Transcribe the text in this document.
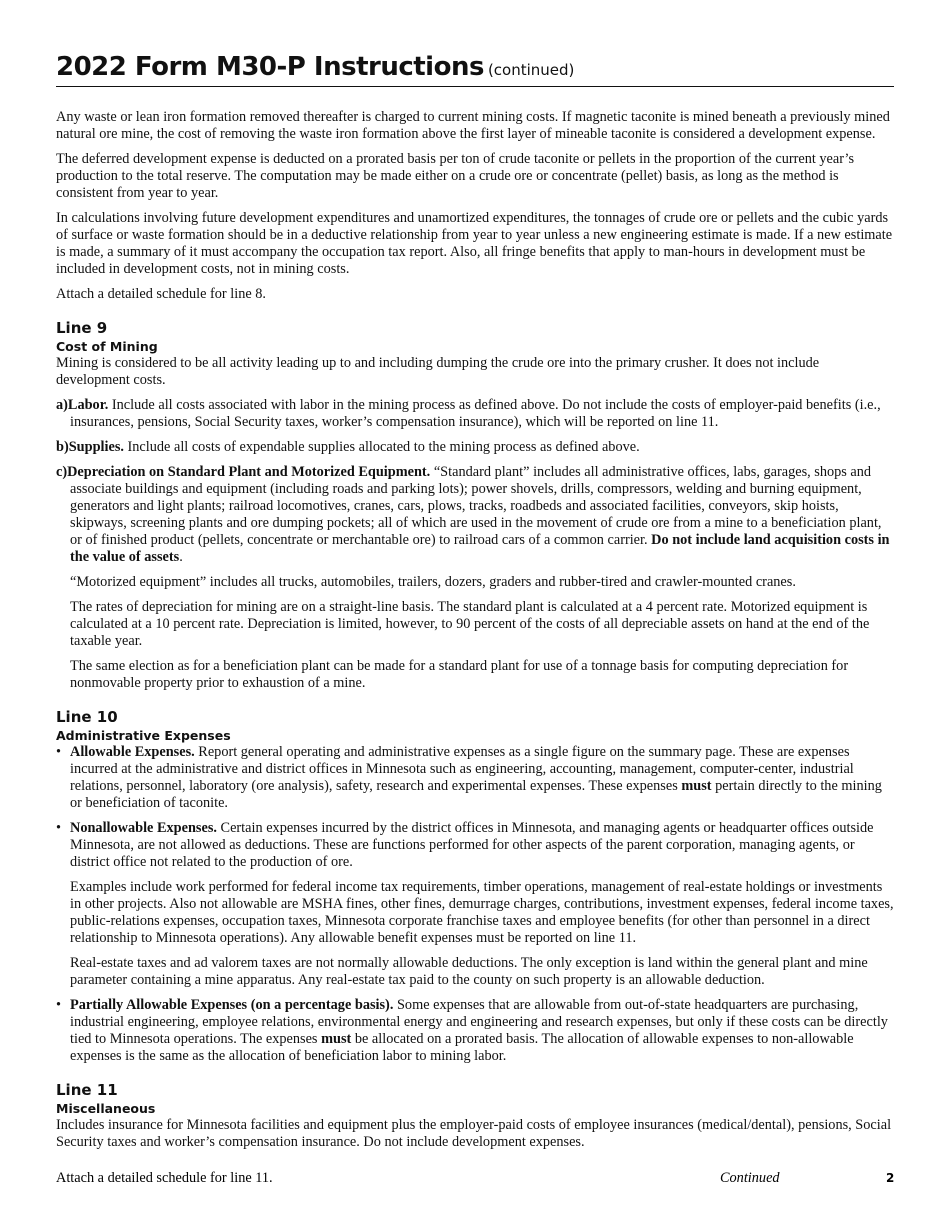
2022 Form M30-P Instructions (continued)

Any waste or lean iron formation removed thereafter is charged to current mining costs. If magnetic taconite is mined beneath a previously mined natural ore mine, the cost of removing the waste iron formation above the first layer of mineable taconite is considered a development expense.

The deferred development expense is deducted on a prorated basis per ton of crude taconite or pellets in the proportion of the current year’s production to the total reserve. The computation may be made either on a crude ore or concentrate (pellet) basis, as long as the method is consistent from year to year.

In calculations involving future development expenditures and unamortized expenditures, the tonnages of crude ore or pellets and the cubic yards of surface or waste formation should be in a deductive relationship from year to year unless a new engineering estimate is made. If a new estimate is made, a summary of it must accompany the occupation tax report. Also, all fringe benefits that apply to man-hours in development must be included in development costs, not in mining costs.

Attach a detailed schedule for line 8.

Line 9
Cost of Mining

Mining is considered to be all activity leading up to and including dumping the crude ore into the primary crusher. It does not include development costs.

a)Labor. Include all costs associated with labor in the mining process as defined above. Do not include the costs of employer-paid benefits (i.e., insurances, pensions, Social Security taxes, worker’s compensation insurance), which will be reported on line 11.

b)Supplies. Include all costs of expendable supplies allocated to the mining process as defined above.

c)Depreciation on Standard Plant and Motorized Equipment. “Standard plant” includes all administrative offices, labs, garages, shops and associate buildings and equipment (including roads and parking lots); power shovels, drills, compressors, welding and burning equipment, generators and light plants; railroad locomotives, cranes, cars, plows, tracks, roadbeds and associated facilities, conveyors, skip hoists, skipways, screening plants and ore dumping pockets; all of which are used in the movement of crude ore from a mine to a beneficiation plant, or of finished product (pellets, concentrate or merchantable ore) to railroad cars of a common carrier. Do not include land acquisition costs in the value of assets.

“Motorized equipment” includes all trucks, automobiles, trailers, dozers, graders and rubber-tired and crawler-mounted cranes.

The rates of depreciation for mining are on a straight-line basis. The standard plant is calculated at a 4 percent rate. Motorized equipment is calculated at a 10 percent rate. Depreciation is limited, however, to 90 percent of the costs of all depreciable assets on hand at the end of the taxable year.

The same election as for a beneficiation plant can be made for a standard plant for use of a tonnage basis for computing depreciation for nonmovable property prior to exhaustion of a mine.

Line 10
Administrative Expenses

• Allowable Expenses. Report general operating and administrative expenses as a single figure on the summary page. These are expenses incurred at the administrative and district offices in Minnesota such as engineering, accounting, management, computer-center, industrial relations, personnel, laboratory (ore analysis), safety, research and experimental expenses. These expenses must pertain directly to the mining or beneficiation of taconite.

• Nonallowable Expenses. Certain expenses incurred by the district offices in Minnesota, and managing agents or headquarter offices outside Minnesota, are not allowed as deductions. These are functions performed for other aspects of the parent corporation, managing agents, or district office not related to the production of ore.

Examples include work performed for federal income tax requirements, timber operations, management of real-estate holdings or investments in other projects. Also not allowable are MSHA fines, other fines, demurrage charges, contributions, investment expenses, federal income taxes, public-relations expenses, occupation taxes, Minnesota corporate franchise taxes and employee benefits (for other than personnel in a direct relationship to Minnesota operations). Any allowable benefit expenses must be reported on line 11.

Real-estate taxes and ad valorem taxes are not normally allowable deductions. The only exception is land within the general plant and mine parameter containing a mine apparatus. Any real-estate tax paid to the county on such property is an allowable deduction.

• Partially Allowable Expenses (on a percentage basis). Some expenses that are allowable from out-of-state headquarters are purchasing, industrial engineering, employee relations, environmental energy and engineering and research expenses, but only if these costs can be directly tied to Minnesota operations. The expenses must be allocated on a prorated basis. The allocation of allowable expenses to non-allowable expenses is the same as the allocation of beneficiation labor to mining labor.

Line 11
Miscellaneous

Includes insurance for Minnesota facilities and equipment plus the employer-paid costs of employee insurances (medical/dental), pensions, Social Security taxes and worker’s compensation insurance. Do not include development expenses.

Attach a detailed schedule for line 11.	Continued	2
